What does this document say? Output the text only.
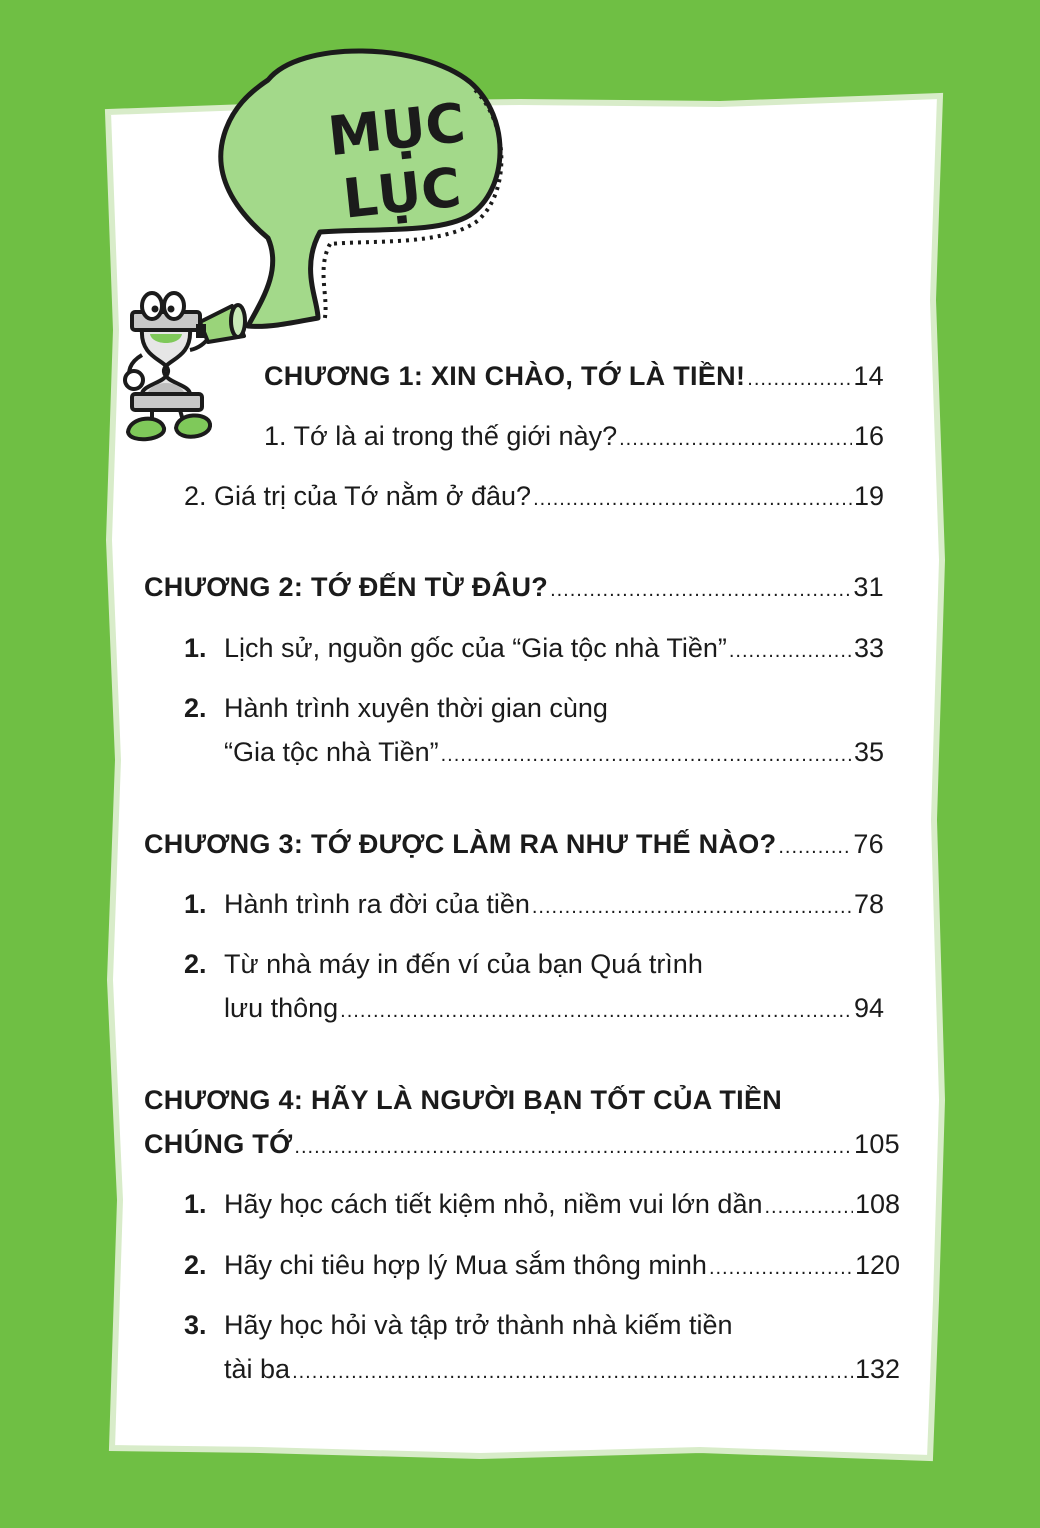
MỤC
LỤC
CHƯƠNG 1: XIN CHÀO, TỚ LÀ TIỀN! .....	14
1. Tớ là ai trong thế giới này? .....	16
2. Giá trị của Tớ nằm ở đâu? .....	19
CHƯƠNG 2: TỚ ĐẾN TỪ ĐÂU? .....	31
1. Lịch sử, nguồn gốc của “Gia tộc nhà Tiền” .....	33
2. Hành trình xuyên thời gian cùng
“Gia tộc nhà Tiền” .....	35
CHƯƠNG 3: TỚ ĐƯỢC LÀM RA NHƯ THẾ NÀO? .....	76
1. Hành trình ra đời của tiền .....	78
2. Từ nhà máy in đến ví của bạn Quá trình
lưu thông .....	94
CHƯƠNG 4: HÃY LÀ NGƯỜI BẠN TỐT CỦA TIỀN
CHÚNG TỚ .....	105
1. Hãy học cách tiết kiệm nhỏ, niềm vui lớn dần .....	108
2. Hãy chi tiêu hợp lý Mua sắm thông minh .....	120
3. Hãy học hỏi và tập trở thành nhà kiếm tiền
tài ba .....	132
